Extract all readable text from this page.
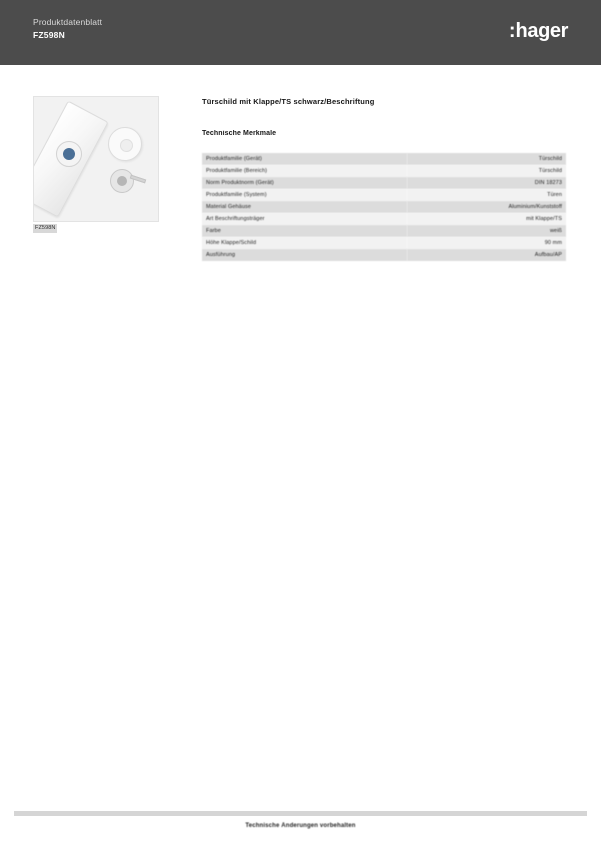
Produktdatenblatt
FZ598N	:hager
FZ598N
Türschild mit Klappe/TS schwarz/Beschriftung
Technische Merkmale
Produktfamilie (Gerät)	Türschild
Produktfamilie (Bereich)	Türschild
Norm Produktnorm (Gerät)	DIN 18273
Produktfamilie (System)	Türen
Material Gehäuse	Aluminium/Kunststoff
Art Beschriftungsträger	mit Klappe/TS
Farbe	weiß
Höhe Klappe/Schild	90 mm
Ausführung	Aufbau/AP
Technische Änderungen vorbehalten
